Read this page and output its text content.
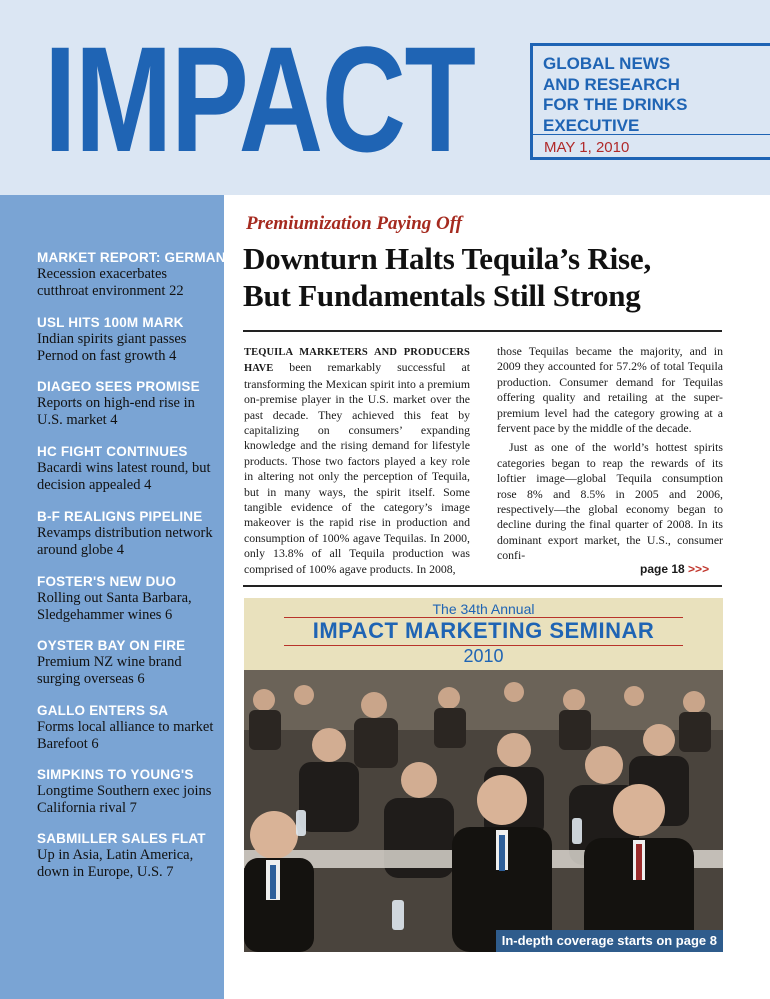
IMPACT	GLOBAL NEWS
AND RESEARCH
FOR THE DRINKS
EXECUTIVE
MAY 1, 2010
MARKET REPORT: GERMANY
Recession exacerbates cutthroat environment 22
USL HITS 100M MARK
Indian spirits giant passes Pernod on fast growth 4
DIAGEO SEES PROMISE
Reports on high-end rise in U.S. market 4
HC FIGHT CONTINUES
Bacardi wins latest round, but decision appealed 4
B-F REALIGNS PIPELINE
Revamps distribution network around globe 4
FOSTER'S NEW DUO
Rolling out Santa Barbara, Sledgehammer wines 6
OYSTER BAY ON FIRE
Premium NZ wine brand surging overseas 6
GALLO ENTERS SA
Forms local alliance to market Barefoot 6
SIMPKINS TO YOUNG'S
Longtime Southern exec joins California rival 7
SABMILLER SALES FLAT
Up in Asia, Latin America, down in Europe, U.S. 7
Premiumization Paying Off
Downturn Halts Tequila’s Rise,
But Fundamentals Still Strong

TEQUILA MARKETERS AND PRODUCERS HAVE been remarkably successful at transforming the Mexican spirit into a premium on-premise player in the U.S. market over the past decade. They achieved this feat by capitalizing on consumers’ expanding knowledge and the rising demand for lifestyle products. Those two factors played a key role in altering not only the perception of Tequila, but in many ways, the spirit itself. Some tangible evidence of the category’s image makeover is the rapid rise in production and consumption of 100% agave Tequilas. In 2000, only 13.8% of all Tequila production was comprised of 100% agave products. In 2008,

those Tequilas became the majority, and in 2009 they accounted for 57.2% of total Tequila production. Consumer demand for Tequilas offering quality and retailing at the super-premium level had the category growing at a fervent pace by the middle of the decade.

Just as one of the world’s hottest spirits categories began to reap the rewards of its loftier image—global Tequila consumption rose 8% and 8.5% in 2005 and 2006, respectively—the global economy began to decline during the final quarter of 2008. In its dominant export market, the U.S., consumer confi-

page 18 >>>
The 34th Annual
IMPACT MARKETING SEMINAR
2010
In-depth coverage starts on page 8
